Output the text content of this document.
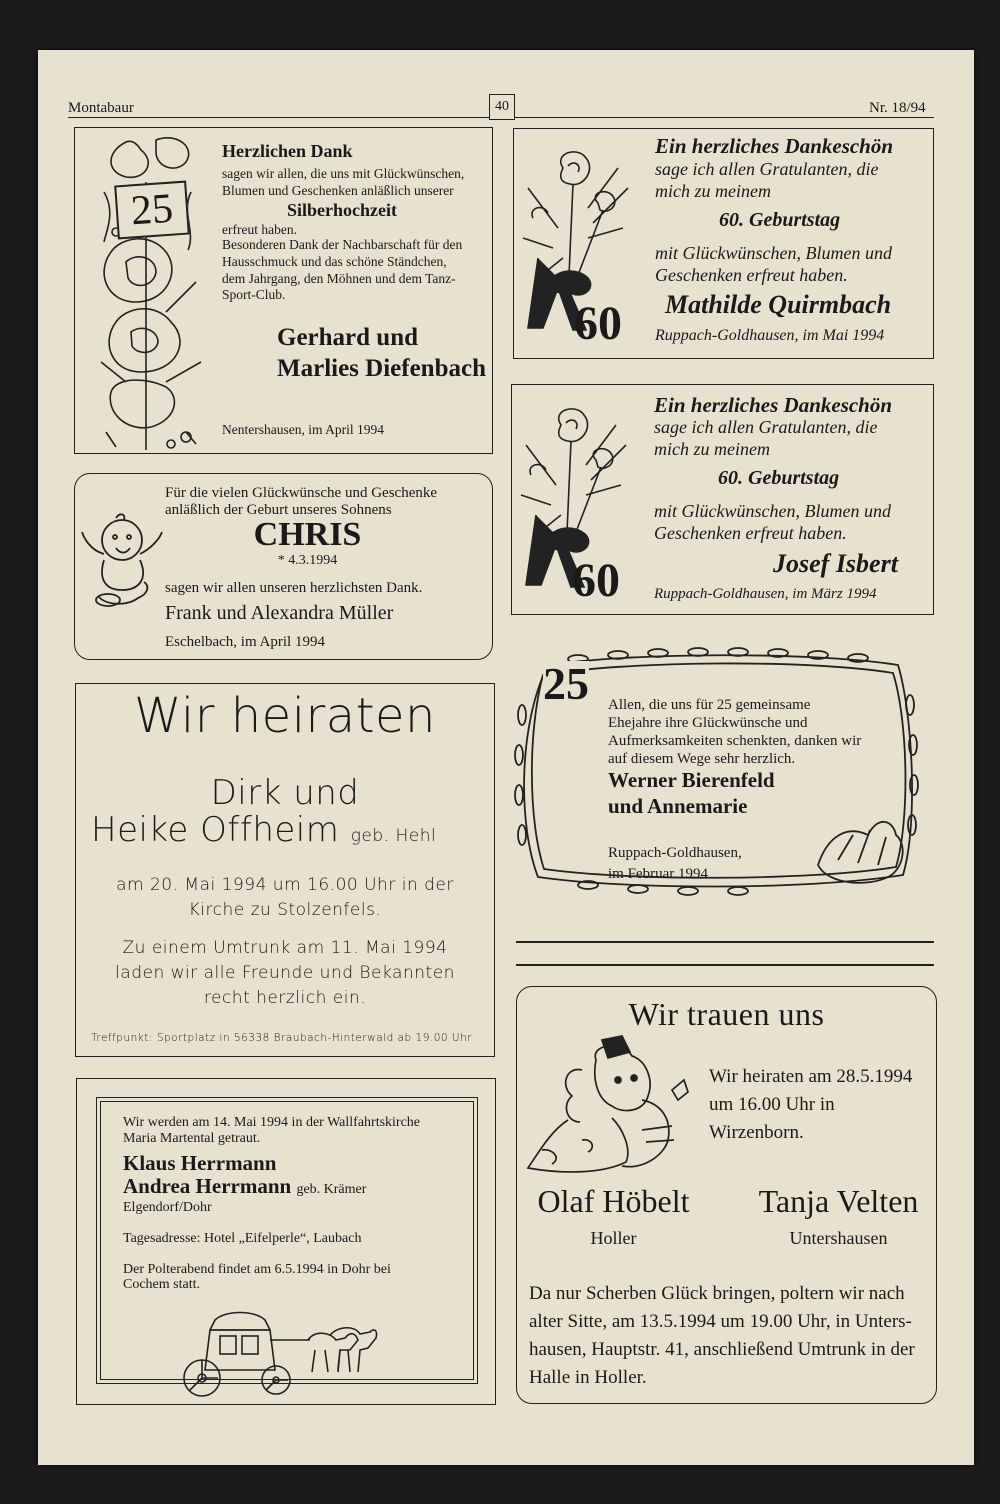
Montabaur	40	Nr. 18/94
25
Herzlichen Dank
sagen wir allen, die uns mit Glückwünschen,
Blumen und Geschenken anläßlich unserer
Silberhochzeit
erfreut haben.
Besonderen Dank der Nachbarschaft für den
Hausschmuck und das schöne Ständchen,
dem Jahrgang, den Möhnen und dem Tanz-
Sport-Club.
Gerhard und
Marlies Diefenbach
Nentershausen, im April 1994
Für die vielen Glückwünsche und Geschenke
anläßlich der Geburt unseres Sohnens
CHRIS
* 4.3.1994
sagen wir allen unseren herzlichsten Dank.
Frank und Alexandra Müller
Eschelbach, im April 1994
60
Ein herzliches Dankeschön
sage ich allen Gratulanten, die
mich zu meinem
60. Geburtstag
mit Glückwünschen, Blumen und
Geschenken erfreut haben.
Mathilde Quirmbach
Ruppach-Goldhausen, im Mai 1994
60
Ein herzliches Dankeschön
sage ich allen Gratulanten, die
mich zu meinem
60. Geburtstag
mit Glückwünschen, Blumen und
Geschenken erfreut haben.
Josef Isbert
Ruppach-Goldhausen, im März 1994
25 Allen, die uns für 25 gemeinsame
Ehejahre ihre Glückwünsche und
Aufmerksamkeiten schenkten, danken wir
auf diesem Wege sehr herzlich.
Werner Bierenfeld
und Annemarie
Ruppach-Goldhausen,
im Februar 1994
Wir heiraten
Dirk und
Heike Offheim geb. Hehl
am 20. Mai 1994 um 16.00 Uhr in der
Kirche zu Stolzenfels.
Zu einem Umtrunk am 11. Mai 1994
laden wir alle Freunde und Bekannten
recht herzlich ein.
Treffpunkt: Sportplatz in 56338 Braubach-Hinterwald ab 19.00 Uhr
Wir werden am 14. Mai 1994 in der Wallfahrtskirche
Maria Martental getraut.
Klaus Herrmann
Andrea Herrmann geb. Krämer
Elgendorf/Dohr
Tagesadresse: Hotel „Eifelperle“, Laubach
Der Polterabend findet am 6.5.1994 in Dohr bei
Cochem statt.
Wir trauen uns
Wir heiraten am 28.5.1994
um 16.00 Uhr in
Wirzenborn.
Olaf Höbelt
Holler
Tanja Velten
Untershausen
Da nur Scherben Glück bringen, poltern wir nach
alter Sitte, am 13.5.1994 um 19.00 Uhr, in Unters-
hausen, Hauptstr. 41, anschließend Umtrunk in der
Halle in Holler.
